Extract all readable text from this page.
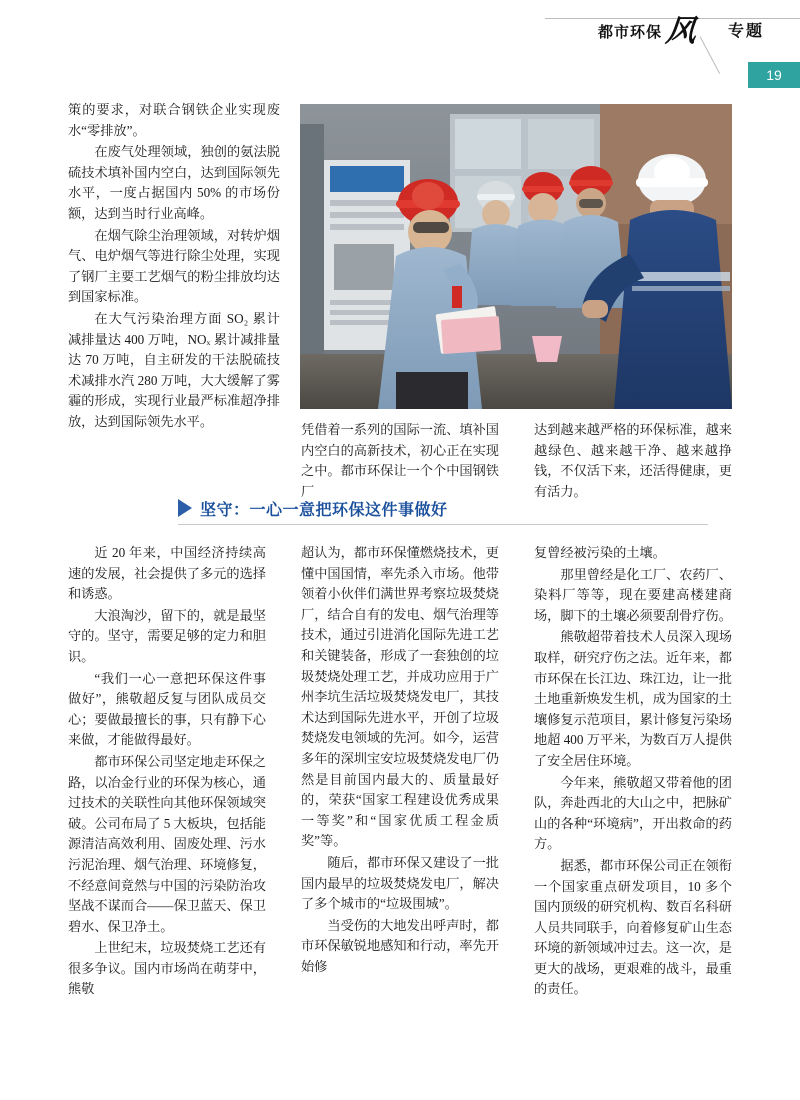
都市环保 风 专题
19

策的要求，对联合钢铁企业实现废水“零排放”。

在废气处理领域，独创的氨法脱硫技术填补国内空白，达到国际领先水平，一度占据国内 50% 的市场份额，达到当时行业高峰。

在烟气除尘治理领域，对转炉烟气、电炉烟气等进行除尘处理，实现了钢厂主要工艺烟气的粉尘排放均达到国家标准。

在大气污染治理方面 SO₂ 累计减排量达 400 万吨，NOₓ 累计减排量达 70 万吨，自主研发的干法脱硫技术减排水汽 280 万吨，大大缓解了雾霾的形成，实现行业最严标准超净排放，达到国际领先水平。

凭借着一系列的国际一流、填补国内空白的高新技术，初心正在实现之中。都市环保让一个个中国钢铁厂

达到越来越严格的环保标准，越来越绿色、越来越干净、越来越挣钱，不仅活下来，还活得健康，更有活力。

坚守：一心一意把环保这件事做好

近 20 年来，中国经济持续高速的发展，社会提供了多元的选择和诱惑。

大浪淘沙，留下的，就是最坚守的。坚守，需要足够的定力和胆识。

“我们一心一意把环保这件事做好”，熊敬超反复与团队成员交心；要做最擅长的事，只有静下心来做，才能做得最好。

都市环保公司坚定地走环保之路，以冶金行业的环保为核心，通过技术的关联性向其他环保领域突破。公司布局了 5 大板块，包括能源清洁高效利用、固废处理、污水污泥治理、烟气治理、环境修复，不经意间竟然与中国的污染防治攻坚战不谋而合——保卫蓝天、保卫碧水、保卫净土。

上世纪末，垃圾焚烧工艺还有很多争议。国内市场尚在萌芽中，熊敬

超认为，都市环保懂燃烧技术，更懂中国国情，率先杀入市场。他带领着小伙伴们满世界考察垃圾焚烧厂，结合自有的发电、烟气治理等技术，通过引进消化国际先进工艺和关键装备，形成了一套独创的垃圾焚烧处理工艺，并成功应用于广州李坑生活垃圾焚烧发电厂，其技术达到国际先进水平，开创了垃圾焚烧发电领域的先河。如今，运营多年的深圳宝安垃圾焚烧发电厂仍然是目前国内最大的、质量最好的，荣获“国家工程建设优秀成果一等奖”和“国家优质工程金质奖”等。

随后，都市环保又建设了一批国内最早的垃圾焚烧发电厂，解决了多个城市的“垃圾围城”。

当受伤的大地发出呼声时，都市环保敏锐地感知和行动，率先开始修

复曾经被污染的土壤。

那里曾经是化工厂、农药厂、染料厂等等，现在要建高楼建商场，脚下的土壤必须要刮骨疗伤。

熊敬超带着技术人员深入现场取样，研究疗伤之法。近年来，都市环保在长江边、珠江边，让一批土地重新焕发生机，成为国家的土壤修复示范项目，累计修复污染场地超 400 万平米，为数百万人提供了安全居住环境。

今年来，熊敬超又带着他的团队，奔赴西北的大山之中，把脉矿山的各种“环境病”，开出救命的药方。

据悉，都市环保公司正在领衔一个国家重点研发项目，10 多个国内顶级的研究机构、数百名科研人员共同联手，向着修复矿山生态环境的新领域冲过去。这一次，是更大的战场，更艰难的战斗，最重的责任。
